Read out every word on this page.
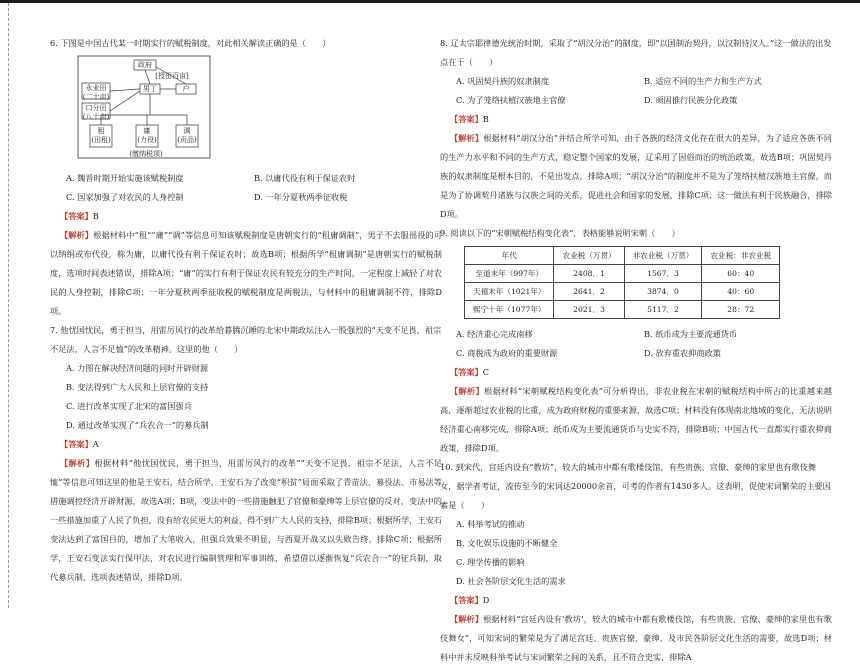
6. 下图是中国古代某一时期实行的赋税制度，对此相关解读正确的是（　　）

永业田
(二十亩)
口分田
(八十亩)
政府
[授田百亩]
男丁	户
租
(田租)
庸
(力役)
调
(贡品)
(缴纳税项)
A. 魏晋时期开始实施该赋税制度	B. 以庸代役有利于保证农时
C. 国家加强了对农民的人身控制	D. 一年分夏秋两季征收税

【答案】B

【解析】根据材料中“租”“庸”“调”等信息可知该赋税制度是唐朝实行的“租庸调制”，男子不去服徭役的可以纳绢或布代役，称为庸，以庸代役有利于保证农时；故选B项；根据所学“租庸调制”是唐朝实行的赋税制度，选项时间表述错误，排除A项；“庸”的实行有利于保证农民有较充分的生产时间，一定程度上减轻了对农民的人身控制，排除C项；一年分夏秋两季征收税的赋税制度是两税法，与材料中的租庸调制不符，排除D项。

7. 他忧国忧民，勇于担当，用雷厉风行的改革给暮腾沉睡的北宋中期政坛注入一股强烈的“天变不足畏，祖宗不足法，人言不足恤”的改革精神。这里的他（　　）

A. 力图在解决经济问题的同时开辟财源

B. 变法得到广大人民和上层官僚的支持

C. 进行改革实现了北宋的富国强兵

D. 通过改革实现了“兵农合一”的募兵制

【答案】A

【解析】根据材料“他忧国忧民，勇于担当，用雷厉风行的改革”“天变不足畏，祖宗不足法，人言不足恤”等信息可知这里的他是王安石，结合所学，王安石为了改变“积贫”局面采取了青苗法、募役法、市易法等措施调控经济开辟财源，故选A项；B项，变法中的一些措施触犯了官僚和豪绅等上层官僚的反对，变法中的一些措施加重了人民了负担，没有给农民更大的利益，得不到广大人民的支持，排除B项；根据所学，王安石变法达到了富国目的，增加了大笔收入，但强兵效果不明显，与西夏开战又以失败告终，排除C项；根据所学，王安石变法实行保甲法，对农民进行编制管理和军事训练，希望借以逐渐恢复“兵农合一”的征兵制，取代募兵制，选项表述错误，排除D项。

8. 辽太宗耶律德光统治时期，采取了“胡汉分治”的制度，即“以国制治契丹，以汉制待汉人。”这一做法的出发点在于（　　）

A. 巩固契丹族的奴隶制度	B. 适应不同的生产力和生产方式
C. 为了笼络扶植汉族地主官僚	D. 顽固推行民族分化政策

【答案】B

【解析】根据材料“胡汉分治”并结合所学可知，由于各族的经济文化存在很大的差异，为了适应各族不同的生产力水平和不同的生产方式，稳定整个国家的发展，辽采用了因俗而治的统治政策，故选B项；巩固契丹族的奴隶制度是根本目的，不是出发点，排除A项；“胡汉分治”的制度并不是为了笼络扶植汉族地主官僚，而是为了协调契丹诸族与汉族之间的关系，促进社会和国家的发展，排除C项；这一做法有利于民族融合，排除D项。

9. 阅读以下的“宋朝赋税结构变化表”，表格能够说明宋朝（　　）

年代	农业税（万贯）	非农业税（万贯）	农业税：非农业税
至道末年（997年）	2408．1	1567．3	60：40
天禧末年（1021年）	2641．2	3874．0	40：60
熙宁十年（1077年）	2021．3	5117．2	28：72
A. 经济重心完成南移	B. 纸币成为主要流通货币
C. 商税成为政府的重要财源	D. 放弃重农抑商政策

【答案】C

【解析】根据材料“宋朝赋税结构变化表”可分析得出，非农业税在宋朝的赋税结构中所占的比重越来越高，逐渐超过农业税的比重，成为政府财税的重要来源，故选C项；材料没有体现南北地域的变化，无法说明经济重心南移完成，排除A项；纸币成为主要流通货币与史实不符，排除B项；中国古代一直都实行重农抑商政策，排除D项。

10. 到宋代，宫廷内设有“教坊”，较大的城市中都有歌楼伎馆，有些贵族、官僚、豪绅的家里也有歌伎舞女，据学者考证，流传至今的宋词达20000余首，可考的作者有1430多人。这表明，促使宋词繁荣的主要因素是（　　）

A. 科举考试的推动

B. 文化娱乐设施的不断健全

C. 理学传播的影响

D. 社会各阶层文化生活的需求

【答案】D

【解析】根据材料“宫廷内设有‘教坊’，较大的城市中都有歌楼伎馆，有些贵族、官僚、豪绅的家里也有歌伎舞女”，可知宋词的繁荣是为了满足宫廷、贵族官僚、豪绅、及市民各阶层文化生活的需要，故选D项；材料中并未反映科举考试与宋词繁荣之间的关系，且不符合史实，排除A
